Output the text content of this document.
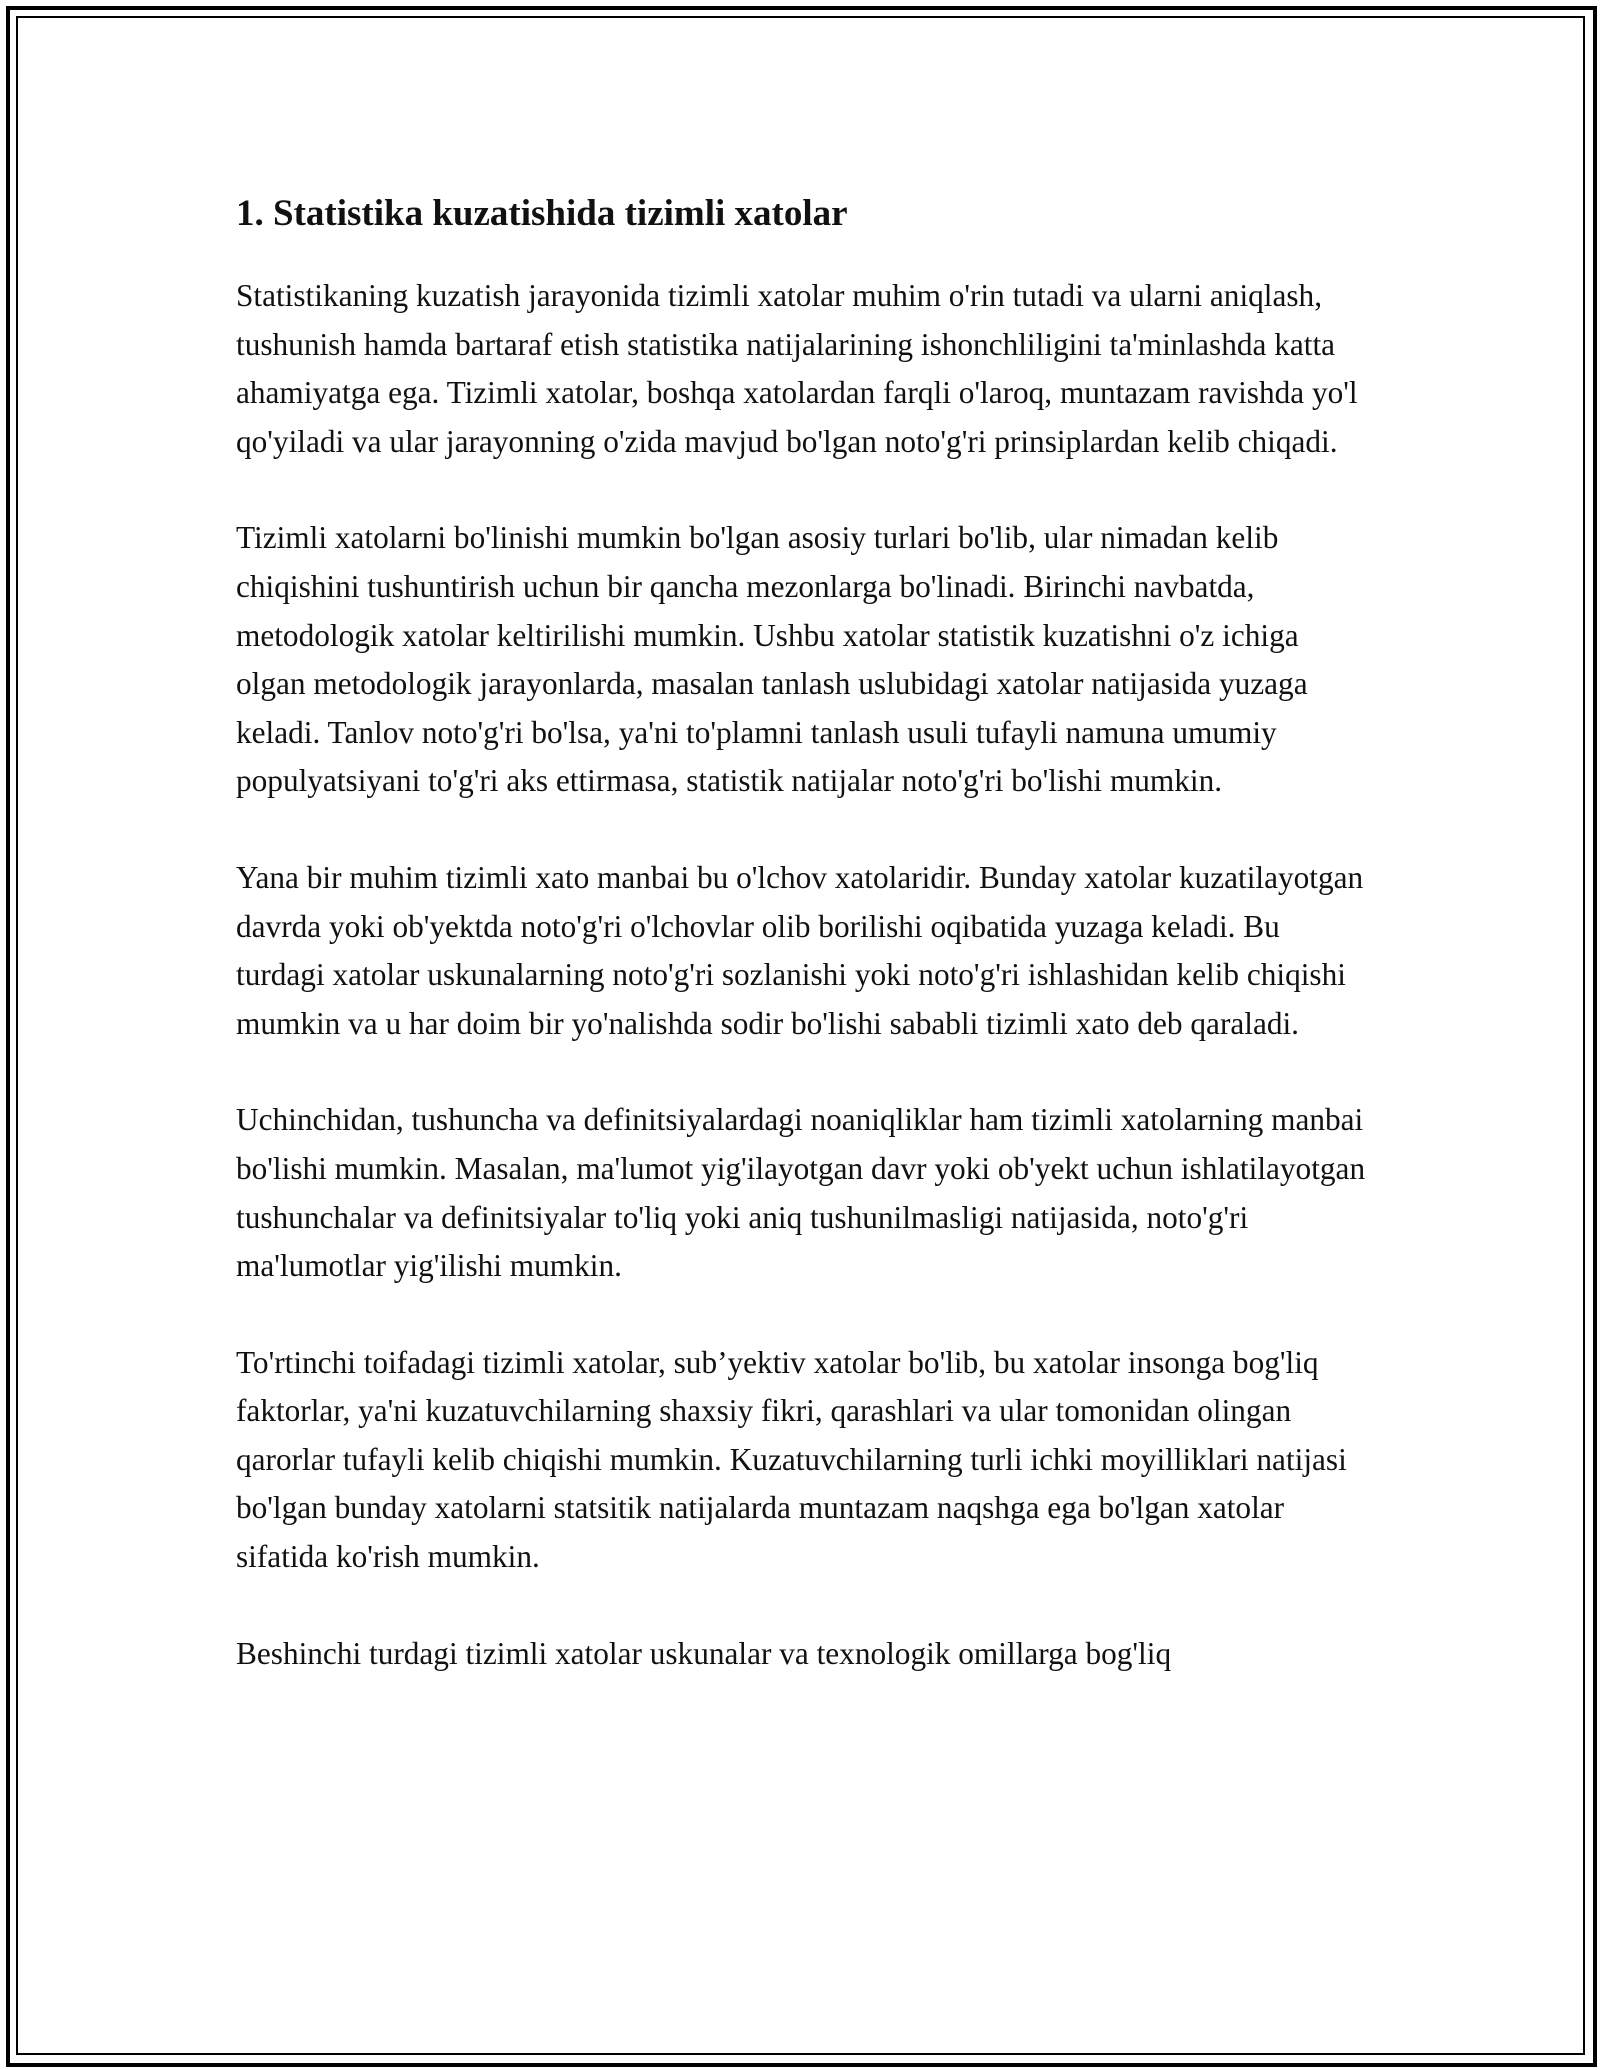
1. Statistika kuzatishida tizimli xatolar

Statistikaning kuzatish jarayonida tizimli xatolar muhim o'rin tutadi va ularni aniqlash, tushunish hamda bartaraf etish statistika natijalarining ishonchliligini ta'minlashda katta ahamiyatga ega. Tizimli xatolar, boshqa xatolardan farqli o'laroq, muntazam ravishda yo'l qo'yiladi va ular jarayonning o'zida mavjud bo'lgan noto'g'ri prinsiplardan kelib chiqadi.

Tizimli xatolarni bo'linishi mumkin bo'lgan asosiy turlari bo'lib, ular nimadan kelib chiqishini tushuntirish uchun bir qancha mezonlarga bo'linadi. Birinchi navbatda, metodologik xatolar keltirilishi mumkin. Ushbu xatolar statistik kuzatishni o'z ichiga olgan metodologik jarayonlarda, masalan tanlash uslubidagi xatolar natijasida yuzaga keladi. Tanlov noto'g'ri bo'lsa, ya'ni to'plamni tanlash usuli tufayli namuna umumiy populyatsiyani to'g'ri aks ettirmasa, statistik natijalar noto'g'ri bo'lishi mumkin.

Yana bir muhim tizimli xato manbai bu o'lchov xatolaridir. Bunday xatolar kuzatilayotgan davrda yoki ob'yektda noto'g'ri o'lchovlar olib borilishi oqibatida yuzaga keladi. Bu turdagi xatolar uskunalarning noto'g'ri sozlanishi yoki noto'g'ri ishlashidan kelib chiqishi mumkin va u har doim bir yo'nalishda sodir bo'lishi sababli tizimli xato deb qaraladi.

Uchinchidan, tushuncha va definitsiyalardagi noaniqliklar ham tizimli xatolarning manbai bo'lishi mumkin. Masalan, ma'lumot yig'ilayotgan davr yoki ob'yekt uchun ishlatilayotgan tushunchalar va definitsiyalar to'liq yoki aniq tushunilmasligi natijasida, noto'g'ri ma'lumotlar yig'ilishi mumkin.

To'rtinchi toifadagi tizimli xatolar, sub’yektiv xatolar bo'lib, bu xatolar insonga bog'liq faktorlar, ya'ni kuzatuvchilarning shaxsiy fikri, qarashlari va ular tomonidan olingan qarorlar tufayli kelib chiqishi mumkin. Kuzatuvchilarning turli ichki moyilliklari natijasi bo'lgan bunday xatolarni statsitik natijalarda muntazam naqshga ega bo'lgan xatolar sifatida ko'rish mumkin.

Beshinchi turdagi tizimli xatolar uskunalar va texnologik omillarga bog'liq
